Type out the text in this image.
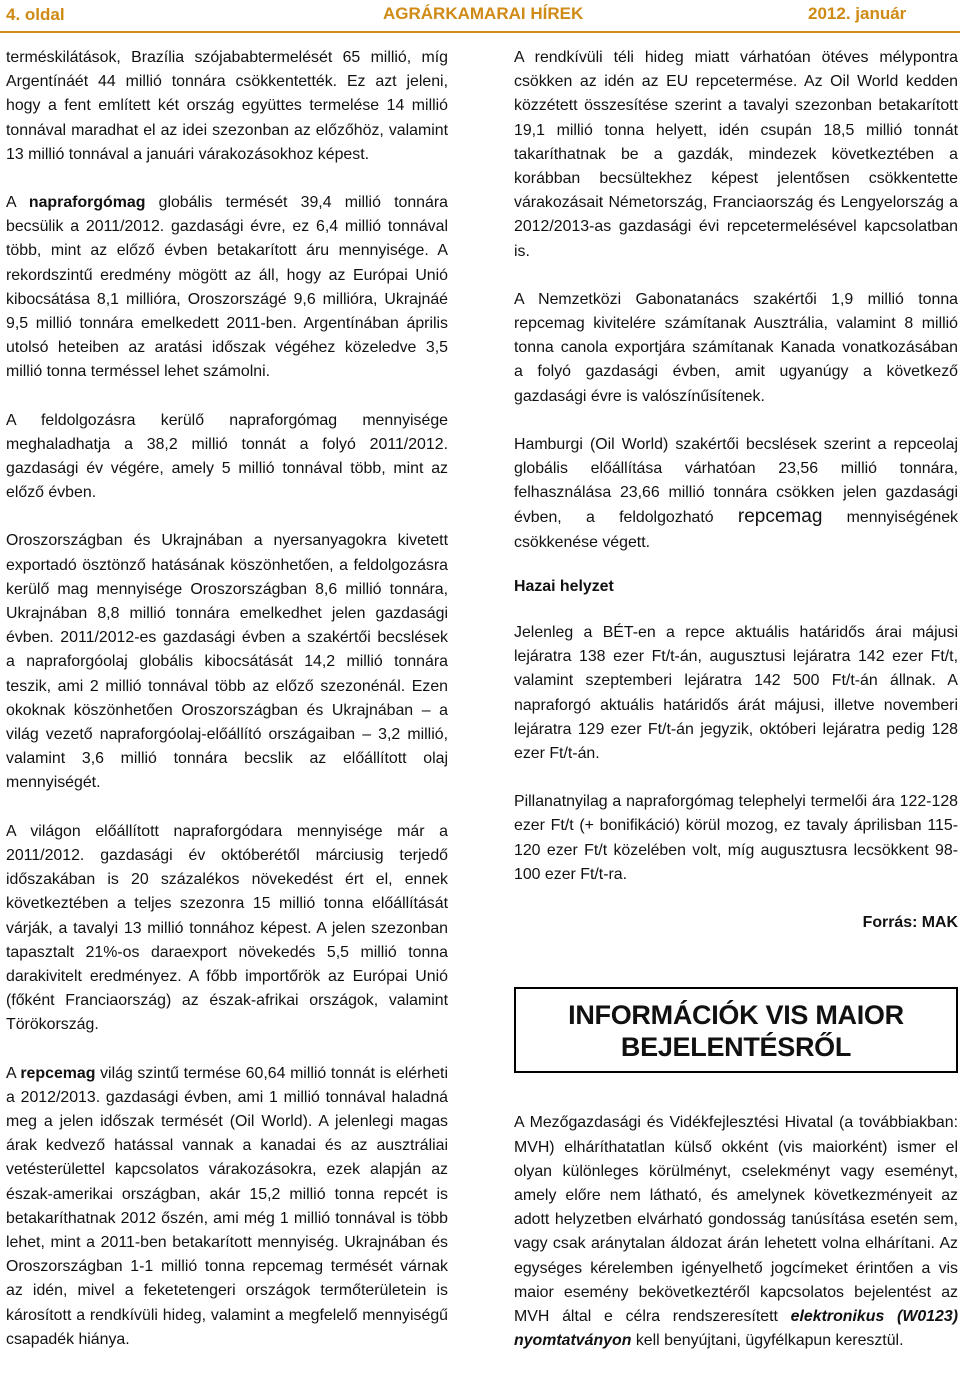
4. oldal	AGRÁRKAMARAI HÍREK	2012. január

terméskilátások, Brazília szójababtermelését 65 millió, míg Argentínáét 44 millió tonnára csökkentették. Ez azt jeleni, hogy a fent említett két ország együttes termelése 14 millió tonnával maradhat el az idei szezonban az előzőhöz, valamint 13 millió tonnával a januári várakozásokhoz képest.

A napraforgómag globális termését 39,4 millió tonnára becsülik a 2011/2012. gazdasági évre, ez 6,4 millió tonnával több, mint az előző évben betakarított áru mennyisége. A rekordszintű eredmény mögött az áll, hogy az Európai Unió kibocsátása 8,1 millióra, Oroszországé 9,6 millióra, Ukrajnáé 9,5 millió tonnára emelkedett 2011-ben. Argentínában április utolsó heteiben az aratási időszak végéhez közeledve 3,5 millió tonna terméssel lehet számolni.

A feldolgozásra kerülő napraforgómag mennyisége meghaladhatja a 38,2 millió tonnát a folyó 2011/2012. gazdasági év végére, amely 5 millió tonnával több, mint az előző évben.

Oroszországban és Ukrajnában a nyersanyagokra kivetett exportadó ösztönző hatásának köszönhetően, a feldolgozásra kerülő mag mennyisége Oroszországban 8,6 millió tonnára, Ukrajnában 8,8 millió tonnára emelkedhet jelen gazdasági évben. 2011/2012-es gazdasági évben a szakértői becslések a napraforgóolaj globális kibocsátását 14,2 millió tonnára teszik, ami 2 millió tonnával több az előző szezonénál. Ezen okoknak köszönhetően Oroszországban és Ukrajnában – a világ vezető napraforgóolaj-előállító országaiban – 3,2 millió, valamint 3,6 millió tonnára becslik az előállított olaj mennyiségét.

A világon előállított napraforgódara mennyisége már a 2011/2012. gazdasági év októberétől márciusig terjedő időszakában is 20 százalékos növekedést ért el, ennek következtében a teljes szezonra 15 millió tonna előállítását várják, a tavalyi 13 millió tonnához képest. A jelen szezonban tapasztalt 21%-os daraexport növekedés 5,5 millió tonna darakivitelt eredményez. A főbb importőrök az Európai Unió (főként Franciaország) az észak-afrikai országok, valamint Törökország.

A repcemag világ szintű termése 60,64 millió tonnát is elérheti a 2012/2013. gazdasági évben, ami 1 millió tonnával haladná meg a jelen időszak termését (Oil World). A jelenlegi magas árak kedvező hatással vannak a kanadai és az ausztráliai vetésterülettel kapcsolatos várakozásokra, ezek alapján az észak-amerikai országban, akár 15,2 millió tonna repcét is betakaríthatnak 2012 őszén, ami még 1 millió tonnával is több lehet, mint a 2011-ben betakarított mennyiség. Ukrajnában és Oroszországban 1-1 millió tonna repcemag termését várnak az idén, mivel a feketetengeri országok termőterületein is károsított a rendkívüli hideg, valamint a megfelelő mennyiségű csapadék hiánya.

A rendkívüli téli hideg miatt várhatóan ötéves mélypontra csökken az idén az EU repcetermése. Az Oil World kedden közzétett összesítése szerint a tavalyi szezonban betakarított 19,1 millió tonna helyett, idén csupán 18,5 millió tonnát takaríthatnak be a gazdák, mindezek következtében a korábban becsültekhez képest jelentősen csökkentette várakozásait Németország, Franciaország és Lengyelország a 2012/2013-as gazdasági évi repcetermelésével kapcsolatban is.

A Nemzetközi Gabonatanács szakértői 1,9 millió tonna repcemag kivitelére számítanak Ausztrália, valamint 8 millió tonna canola exportjára számítanak Kanada vonatkozásában a folyó gazdasági évben, amit ugyanúgy a következő gazdasági évre is valószínűsítenek.

Hamburgi (Oil World) szakértői becslések szerint a repceolaj globális előállítása várhatóan 23,56 millió tonnára, felhasználása 23,66 millió tonnára csökken jelen gazdasági évben, a feldolgozható repcemag mennyiségének csökkenése végett.

Hazai helyzet

Jelenleg a BÉT-en a repce aktuális határidős árai májusi lejáratra 138 ezer Ft/t-án, augusztusi lejáratra 142 ezer Ft/t, valamint szeptemberi lejáratra 142 500 Ft/t-án állnak. A napraforgó aktuális határidős árát májusi, illetve novemberi lejáratra 129 ezer Ft/t-án jegyzik, októberi lejáratra pedig 128 ezer Ft/t-án.

Pillanatnyilag a napraforgómag telephelyi termelői ára 122-128 ezer Ft/t (+ bonifikáció) körül mozog, ez tavaly áprilisban 115-120 ezer Ft/t közelében volt, míg augusztusra lecsökkent 98-100 ezer Ft/t-ra.

Forrás: MAK
INFORMÁCIÓK VIS MAIOR
BEJELENTÉSRŐL

A Mezőgazdasági és Vidékfejlesztési Hivatal (a továbbiakban: MVH) elháríthatatlan külső okként (vis maiorként) ismer el olyan különleges körülményt, cselekményt vagy eseményt, amely előre nem látható, és amelynek következményeit az adott helyzetben elvárható gondosság tanúsítása esetén sem, vagy csak aránytalan áldozat árán lehetett volna elhárítani. Az egységes kérelemben igényelhető jogcímeket érintően a vis maior esemény bekövetkeztéről kapcsolatos bejelentést az MVH által e célra rendszeresített elektronikus (W0123) nyomtatványon kell benyújtani, ügyfélkapun keresztül.
